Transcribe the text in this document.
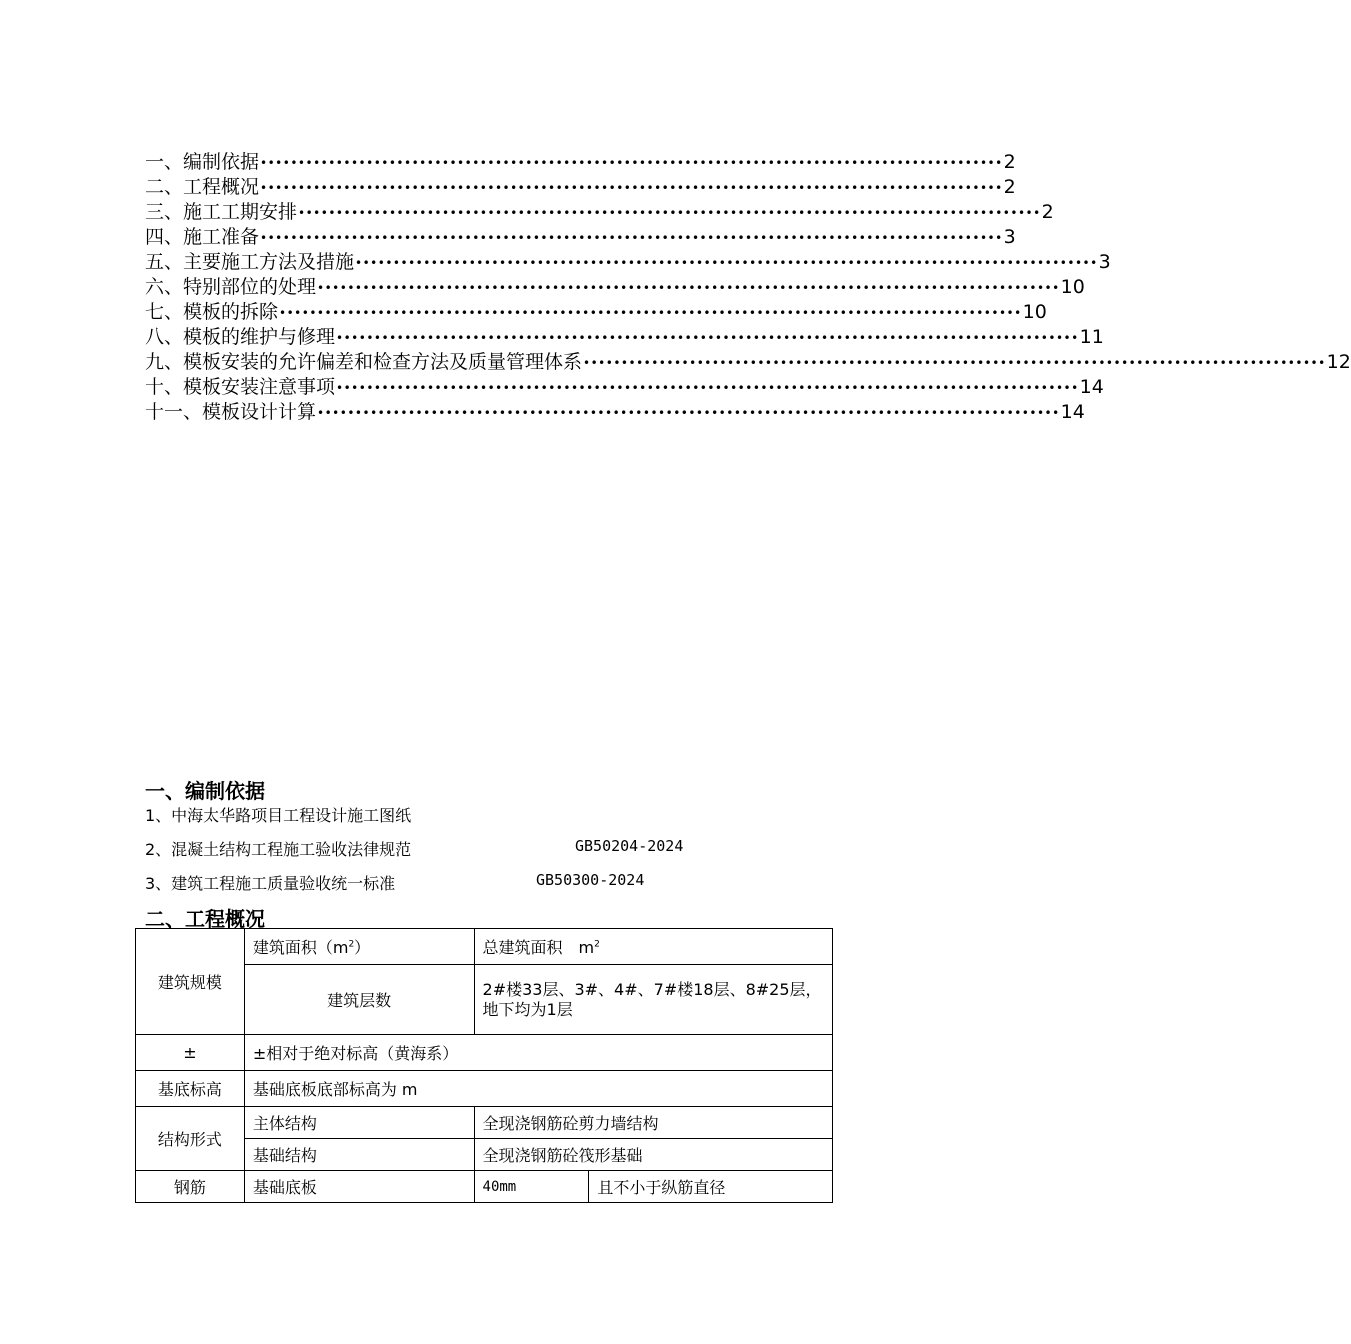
一、编制依据 •••••••••••••••••••••••••••••••••••••••••••••••••••••••••••••••••••••••••••••••••••••••••••••••••• 2
二、工程概况 •••••••••••••••••••••••••••••••••••••••••••••••••••••••••••••••••••••••••••••••••••••••••••••••••• 2
三、施工工期安排 •••••••••••••••••••••••••••••••••••••••••••••••••••••••••••••••••••••••••••••••••••••••••••••••••• 2
四、施工准备 •••••••••••••••••••••••••••••••••••••••••••••••••••••••••••••••••••••••••••••••••••••••••••••••••• 3
五、主要施工方法及措施 •••••••••••••••••••••••••••••••••••••••••••••••••••••••••••••••••••••••••••••••••••••••••••••••••• 3
六、特别部位的处理 •••••••••••••••••••••••••••••••••••••••••••••••••••••••••••••••••••••••••••••••••••••••••••••••••• 10
七、模板的拆除 •••••••••••••••••••••••••••••••••••••••••••••••••••••••••••••••••••••••••••••••••••••••••••••••••• 10
八、模板的维护与修理 •••••••••••••••••••••••••••••••••••••••••••••••••••••••••••••••••••••••••••••••••••••••••••••••••• 11
九、模板安装的允许偏差和检查方法及质量管理体系 •••••••••••••••••••••••••••••••••••••••••••••••••••••••••••••••••••••••••••••••••••••••••••••••••• 12
十、模板安装注意事项 •••••••••••••••••••••••••••••••••••••••••••••••••••••••••••••••••••••••••••••••••••••••••••••••••• 14
十一、模板设计计算 •••••••••••••••••••••••••••••••••••••••••••••••••••••••••••••••••••••••••••••••••••••••••••••••••• 14
一、编制依据
1、中海太华路项目工程设计施工图纸
2、混凝土结构工程施工验收法律规范	GB50204-2024
3、建筑工程施工质量验收统一标准	GB50300-2024
二、工程概况
建筑规模	建筑面积$(m^2)$	总建筑面积　$m^2$
	建筑层数	2#楼33层、3#、4#、7#楼18层、8#25层，地下均为1层	
±	±相对于绝对标高（黄海系）		
基底标高	基础底板底部标高为 m		
结构形式	主体结构	全现浇钢筋砼剪力墙结构	
	基础结构	全现浇钢筋砼筏形基础	
钢筋	基础底板	40mm	且不小于纵筋直径
